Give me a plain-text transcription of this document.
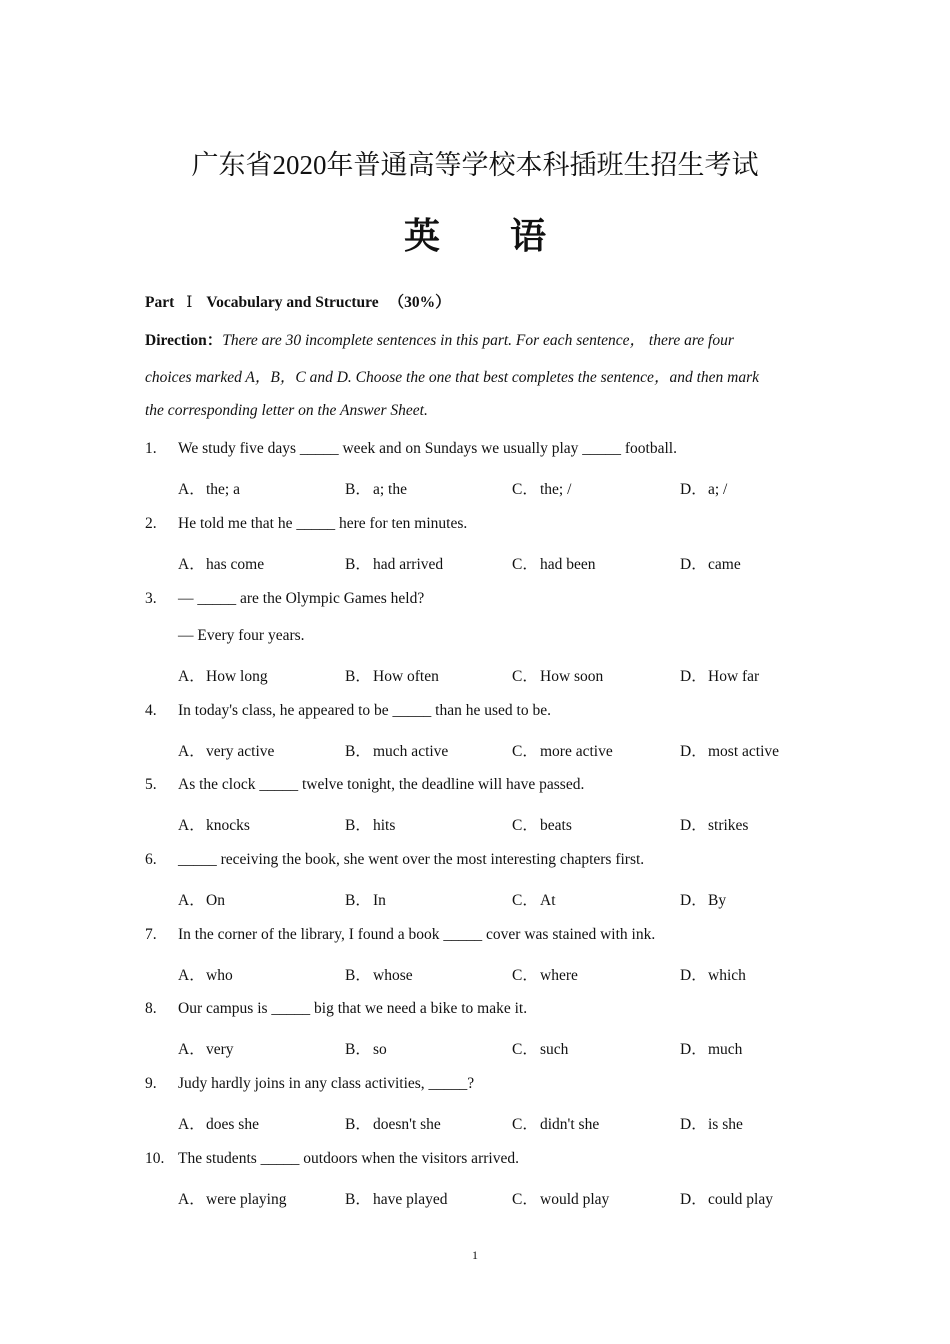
广东省2020年普通高等学校本科插班生招生考试
英 语
Part Ⅰ Vocabulary and Structure （30%）
Direction：There are 30 incomplete sentences in this part. For each sentence， there are four
choices marked A，B，C and D. Choose the one that best completes the sentence，and then mark
the corresponding letter on the Answer Sheet.
1. We study five days _____ week and on Sundays we usually play _____ football.
A．the; a	B． a; the	C． the; /	D．a; /
2. He told me that he _____ here for ten minutes.
A．has come	B． had arrived	C． had been	D．came
3. — _____ are the Olympic Games held?
— Every four years.
A．How long	B． How often	C． How soon	D．How far
4. In today's class, he appeared to be _____ than he used to be.
A．very active	B． much active	C． more active	D．most active
5. As the clock _____ twelve tonight, the deadline will have passed.
A．knocks	B． hits	C． beats	D．strikes
6. _____ receiving the book, she went over the most interesting chapters first.
A．On	B． In	C． At	D．By
7. In the corner of the library, I found a book _____ cover was stained with ink.
A．who	B． whose	C． where	D．which
8. Our campus is _____ big that we need a bike to make it.
A．very	B． so	C． such	D．much
9. Judy hardly joins in any class activities, _____?
A．does she	B． doesn't she	C． didn't she	D．is she
10. The students _____ outdoors when the visitors arrived.
A．were playing	B． have played	C． would play	D．could play
1
